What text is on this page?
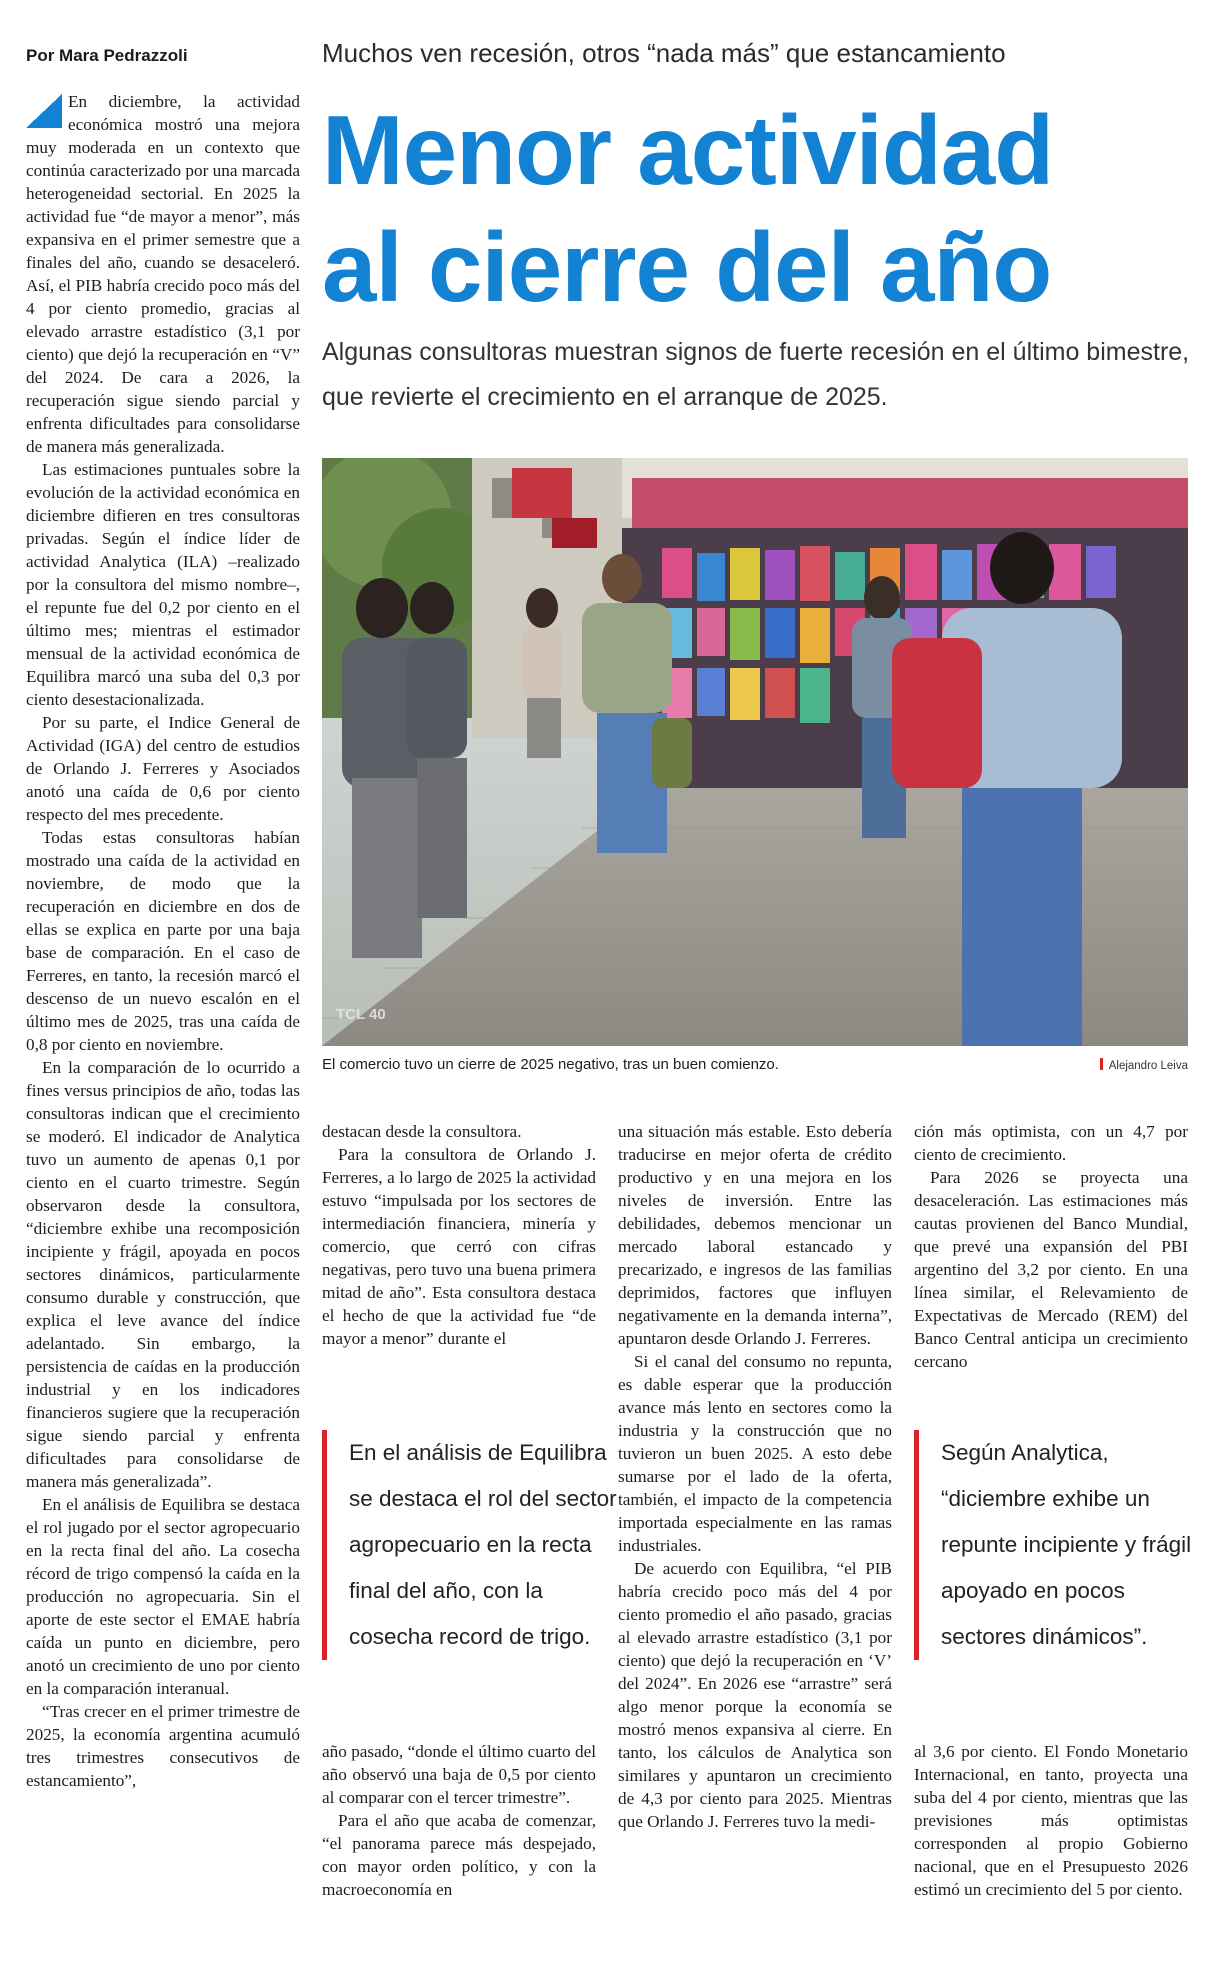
Por Mara Pedrazzoli	Muchos ven recesión, otros “nada más” que estancamiento
Menor actividad
al cierre del año
Algunas consultoras muestran signos de fuerte recesión en el último bimestre, que revierte el crecimiento en el arranque de 2025.

En diciembre, la actividad económica mostró una mejora muy moderada en un contexto que continúa caracterizado por una marcada heterogeneidad sectorial. En 2025 la actividad fue “de mayor a menor”, más expansiva en el primer semestre que a finales del año, cuando se desaceleró. Así, el PIB habría crecido poco más del 4 por ciento promedio, gracias al elevado arrastre estadístico (3,1 por ciento) que dejó la recuperación en “V” del 2024. De cara a 2026, la recuperación sigue siendo parcial y enfrenta dificultades para consolidarse de manera más generalizada.

Las estimaciones puntuales sobre la evolución de la actividad económica en diciembre difieren en tres consultoras privadas. Según el índice líder de actividad Analytica (ILA) –realizado por la consultora del mismo nombre–, el repunte fue del 0,2 por ciento en el último mes; mientras el estimador mensual de la actividad económica de Equilibra marcó una suba del 0,3 por ciento desestacionalizada.

Por su parte, el Indice General de Actividad (IGA) del centro de estudios de Orlando J. Ferreres y Asociados anotó una caída de 0,6 por ciento respecto del mes precedente.

Todas estas consultoras habían mostrado una caída de la actividad en noviembre, de modo que la recuperación en diciembre en dos de ellas se explica en parte por una baja base de comparación. En el caso de Ferreres, en tanto, la recesión marcó el descenso de un nuevo escalón en el último mes de 2025, tras una caída de 0,8 por ciento en noviembre.

En la comparación de lo ocurrido a fines versus principios de año, todas las consultoras indican que el crecimiento se moderó. El indicador de Analytica tuvo un aumento de apenas 0,1 por ciento en el cuarto trimestre. Según observaron desde la consultora, “diciembre exhibe una recomposición incipiente y frágil, apoyada en pocos sectores dinámicos, particularmente consumo durable y construcción, que explica el leve avance del índice adelantado. Sin embargo, la persistencia de caídas en la producción industrial y en los indicadores financieros sugiere que la recuperación sigue siendo parcial y enfrenta dificultades para consolidarse de manera más generalizada”.

En el análisis de Equilibra se destaca el rol jugado por el sector agropecuario en la recta final del año. La cosecha récord de trigo compensó la caída en la producción no agropecuaria. Sin el aporte de este sector el EMAE habría caída un punto en diciembre, pero anotó un crecimiento de uno por ciento en la comparación interanual.

“Tras crecer en el primer trimestre de 2025, la economía argentina acumuló tres trimestres consecutivos de estancamiento”,

TCL 40
El comercio tuvo un cierre de 2025 negativo, tras un buen comienzo.	Alejandro Leiva

destacan desde la consultora.

Para la consultora de Orlando J. Ferreres, a lo largo de 2025 la actividad estuvo “impulsada por los sectores de intermediación financiera, minería y comercio, que cerró con cifras negativas, pero tuvo una buena primera mitad de año”. Esta consultora destaca el hecho de que la actividad fue “de mayor a menor” durante el

En el análisis de Equilibra se destaca el rol del sector agropecuario en la recta final del año, con la cosecha record de trigo.

año pasado, “donde el último cuarto del año observó una baja de 0,5 por ciento al comparar con el tercer trimestre”.

Para el año que acaba de comenzar, “el panorama parece más despejado, con mayor orden político, y con la macroeconomía en

una situación más estable. Esto debería traducirse en mejor oferta de crédito productivo y en una mejora en los niveles de inversión. Entre las debilidades, debemos mencionar un mercado laboral estancado y precarizado, e ingresos de las familias deprimidos, factores que influyen negativamente en la demanda interna”, apuntaron desde Orlando J. Ferreres.

Si el canal del consumo no repunta, es dable esperar que la producción avance más lento en sectores como la industria y la construcción que no tuvieron un buen 2025. A esto debe sumarse por el lado de la oferta, también, el impacto de la competencia importada especialmente en las ramas industriales.

De acuerdo con Equilibra, “el PIB habría crecido poco más del 4 por ciento promedio el año pasado, gracias al elevado arrastre estadístico (3,1 por ciento) que dejó la recuperación en ‘V’ del 2024”. En 2026 ese “arrastre” será algo menor porque la economía se mostró menos expansiva al cierre. En tanto, los cálculos de Analytica son similares y apuntaron un crecimiento de 4,3 por ciento para 2025. Mientras que Orlando J. Ferreres tuvo la medi-

ción más optimista, con un 4,7 por ciento de crecimiento.

Para 2026 se proyecta una desaceleración. Las estimaciones más cautas provienen del Banco Mundial, que prevé una expansión del PBI argentino del 3,2 por ciento. En una línea similar, el Relevamiento de Expectativas de Mercado (REM) del Banco Central anticipa un crecimiento cercano

Según Analytica, “diciembre exhibe un repunte incipiente y frágil apoyado en pocos sectores dinámicos”.

al 3,6 por ciento. El Fondo Monetario Internacional, en tanto, proyecta una suba del 4 por ciento, mientras que las previsiones más optimistas corresponden al propio Gobierno nacional, que en el Presupuesto 2026 estimó un crecimiento del 5 por ciento.
